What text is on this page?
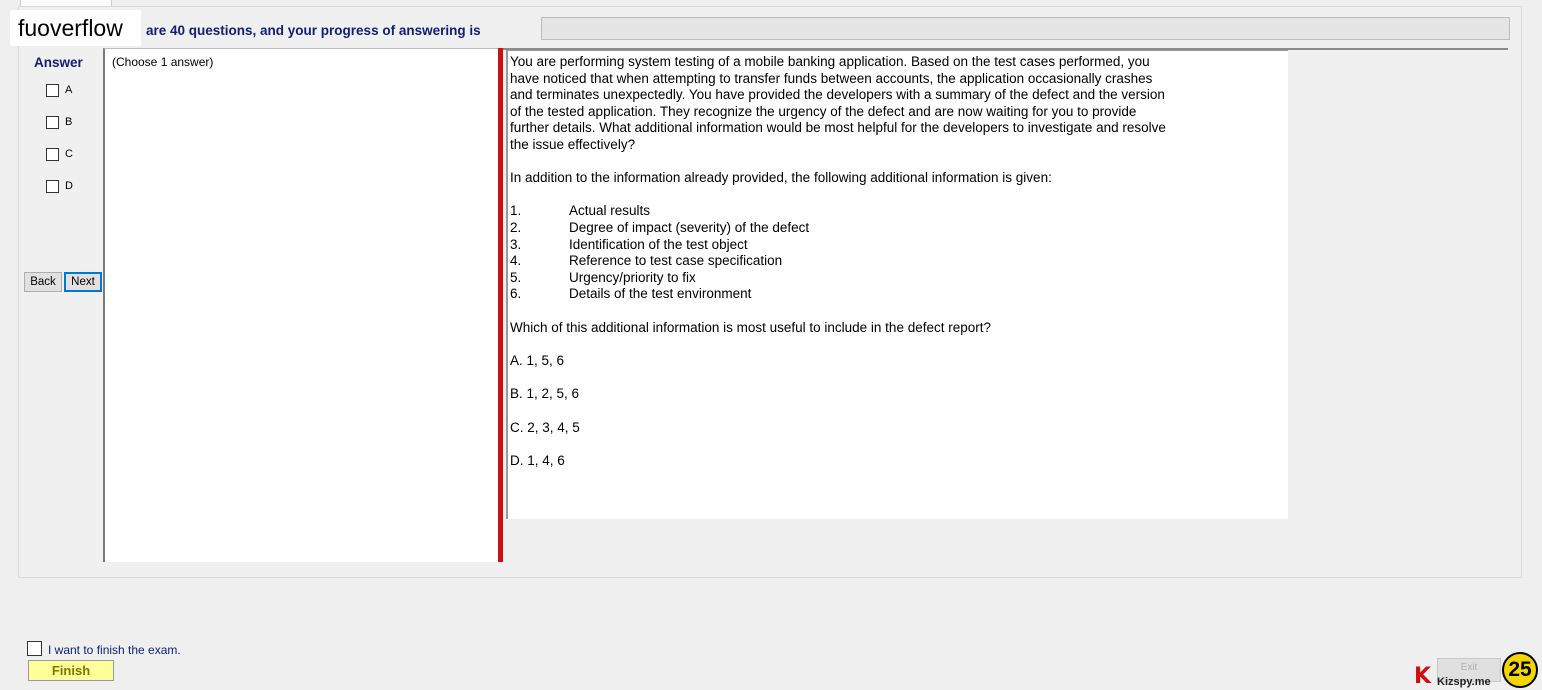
fuoverflow	are 40 questions, and your progress of answering is
Answer
A
B
C
D
Back	Next
(Choose 1 answer)	You are performing system testing of a mobile banking application. Based on the test cases performed, you
have noticed that when attempting to transfer funds between accounts, the application occasionally crashes
and terminates unexpectedly. You have provided the developers with a summary of the defect and the version
of the tested application. They recognize the urgency of the defect and are now waiting for you to provide
further details. What additional information would be most helpful for the developers to investigate and resolve
the issue effectively?
In addition to the information already provided, the following additional information is given:
1.	Actual results
2.	Degree of impact (severity) of the defect
3.	Identification of the test object
4.	Reference to test case specification
5.	Urgency/priority to fix
6.	Details of the test environment
Which of this additional information is most useful to include in the defect report?
A. 1, 5, 6
B. 1, 2, 5, 6
C. 2, 3, 4, 5
D. 1, 4, 6
I want to finish the exam.
Finish	Exit
K Kizspy.me
25
